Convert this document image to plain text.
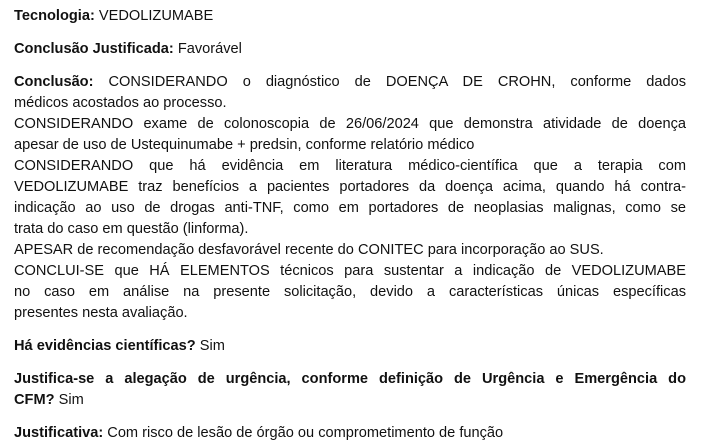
Tecnologia: VEDOLIZUMABE

Conclusão Justificada: Favorável

Conclusão: CONSIDERANDO o diagnóstico de DOENÇA DE CROHN, conforme dados
médicos acostados ao processo.
CONSIDERANDO exame de colonoscopia de 26/06/2024 que demonstra atividade de doença
apesar de uso de Ustequinumabe + predsin, conforme relatório médico
CONSIDERANDO que há evidência em literatura médico-científica que a terapia com
VEDOLIZUMABE traz benefícios a pacientes portadores da doença acima, quando há contra-
indicação ao uso de drogas anti-TNF, como em portadores de neoplasias malignas, como se
trata do caso em questão (linforma).
APESAR de recomendação desfavorável recente do CONITEC para incorporação ao SUS.
CONCLUI-SE que HÁ ELEMENTOS técnicos para sustentar a indicação de VEDOLIZUMABE
no caso em análise na presente solicitação, devido a características únicas específicas
presentes nesta avaliação.

Há evidências científicas? Sim

Justifica-se a alegação de urgência, conforme definição de Urgência e Emergência do
CFM? Sim

Justificativa: Com risco de lesão de órgão ou comprometimento de função
